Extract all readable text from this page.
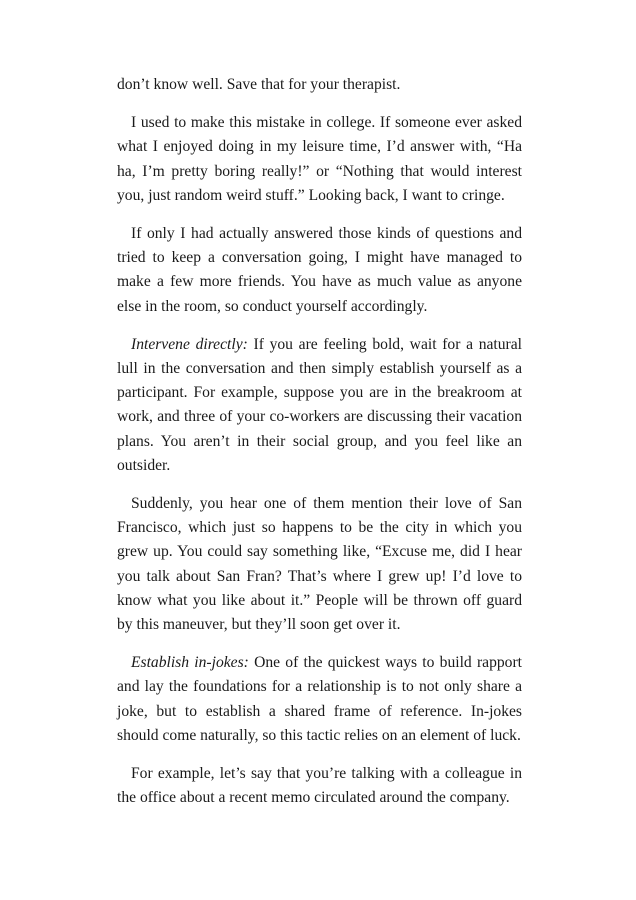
don’t know well. Save that for your therapist.

I used to make this mistake in college. If someone ever asked what I enjoyed doing in my leisure time, I’d answer with, “Ha ha, I’m pretty boring really!” or “Nothing that would interest you, just random weird stuff.” Looking back, I want to cringe.

If only I had actually answered those kinds of questions and tried to keep a conversation going, I might have managed to make a few more friends. You have as much value as anyone else in the room, so conduct yourself accordingly.

Intervene directly: If you are feeling bold, wait for a natural lull in the conversation and then simply establish yourself as a participant. For example, suppose you are in the breakroom at work, and three of your co-workers are discussing their vacation plans. You aren’t in their social group, and you feel like an outsider.

Suddenly, you hear one of them mention their love of San Francisco, which just so happens to be the city in which you grew up. You could say something like, “Excuse me, did I hear you talk about San Fran? That’s where I grew up! I’d love to know what you like about it.” People will be thrown off guard by this maneuver, but they’ll soon get over it.

Establish in-jokes: One of the quickest ways to build rapport and lay the foundations for a relationship is to not only share a joke, but to establish a shared frame of reference. In-jokes should come naturally, so this tactic relies on an element of luck.

For example, let’s say that you’re talking with a colleague in the office about a recent memo circulated around the company.
